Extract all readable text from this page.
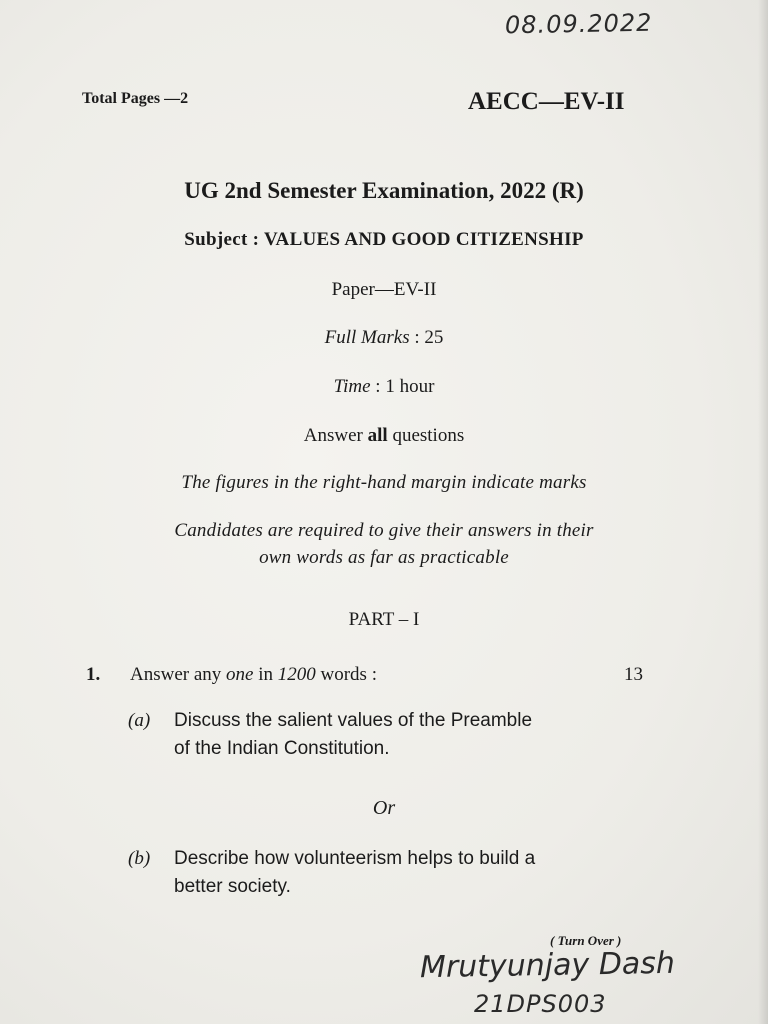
08.09.2022
Total Pages —2	AECC—EV-II
UG 2nd Semester Examination, 2022 (R)
Subject : VALUES AND GOOD CITIZENSHIP
Paper—EV-II
Full Marks : 25
Time : 1 hour
Answer all questions
The figures in the right-hand margin indicate marks
Candidates are required to give their answers in their
own words as far as practicable
PART – I
1. Answer any one in 1200 words :	13
(a) Discuss the salient values of the Preamble
of the Indian Constitution.
Or
(b) Describe how volunteerism helps to build a
better society.
( Turn Over )
Mrutyunjay Dash
21DPS003
